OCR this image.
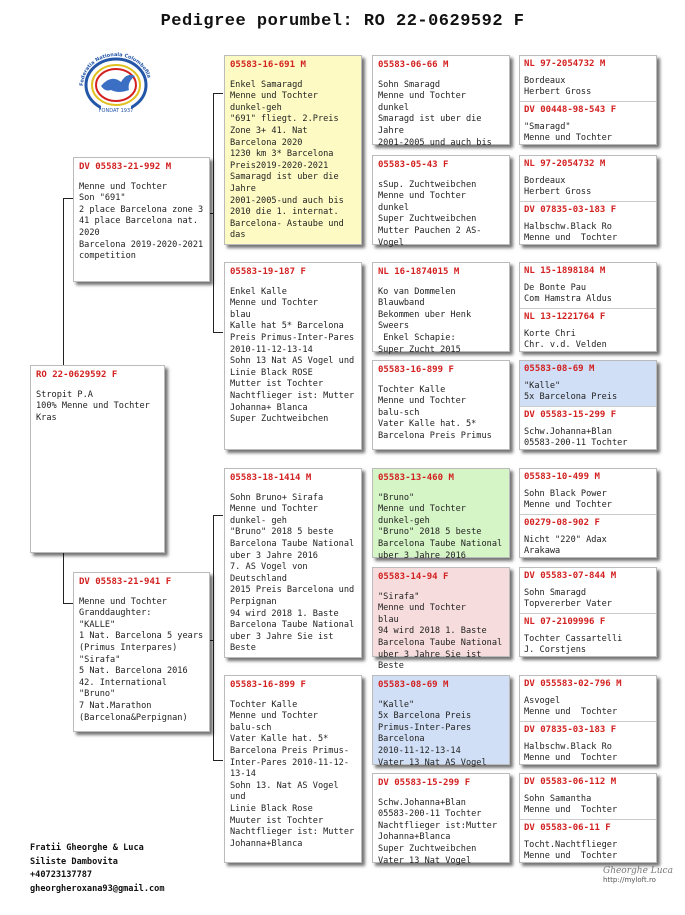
Pedigree porumbel: RO 22-0629592 F
Federatia Nationala Columbofila
FONDAT 1937
RO 22-0629592 F
Stropit P.A
100% Menne und Tochter
Kras
DV 05583-21-992 M
Menne und Tochter
Son "691"
2 place Barcelona zone 3 41 place Barcelona nat. 2020
Barcelona 2019-2020-2021 competition
DV 05583-21-941 F
Menne und Tochter
Granddaughter:
"KALLE"
1 Nat. Barcelona 5 years (Primus Interpares)
"Sirafa"
5 Nat. Barcelona 2016
42. International
"Bruno"
7 Nat.Marathon (Barcelona&Perpignan)
05583-16-691 M
Enkel Samaragd
Menne und Tochter
dunkel-geh
"691" fliegt. 2.Preis Zone 3+ 41. Nat Barcelona 2020
1230 km 3* Barcelona Preis2019-2020-2021
Samaragd ist uber die Jahre
2001-2005-und auch bis 2010 die 1. internat. Barcelona- Astaube und das
05583-19-187 F
Enkel Kalle
Menne und Tochter
blau
Kalle hat 5* Barcelona Preis Primus-Inter-Pares 2010-11-12-13-14
Sohn 13 Nat AS Vogel und Linie Black ROSE
Mutter ist Tochter Nachtflieger ist: Mutter Johanna+ Blanca
Super Zuchtweibchen
05583-18-1414 M
Sohn Bruno+ Sirafa
Menne und Tochter
dunkel- geh
"Bruno" 2018 5 beste Barcelona Taube National uber 3 Jahre 2016
7. AS Vogel von Deutschland
2015 Preis Barcelona und Perpignan
94 wird 2018 1. Baste Barcelona Taube National uber 3 Jahre Sie ist Beste
05583-16-899 F
Tochter Kalle
Menne und Tochter
balu-sch
Vater Kalle hat. 5* Barcelona Preis Primus-Inter-Pares 2010-11-12-13-14
Sohn 13. Nat AS Vogel und
Linie Black Rose
Muuter ist Tochter
Nachtflieger ist: Mutter Johanna+Blanca
05583-06-66 M
Sohn Smaragd
Menne und Tochter
dunkel
Smaragd ist uber die Jahre
2001-2005 und auch bis
05583-05-43 F
sSup. Zuchtweibchen
Menne und Tochter
dunkel
Super Zuchtweibchen
Mutter Pauchen 2 AS- Vogel
NL 16-1874015 M
Ko van Dommelen
Blauwband
Bekommen uber Henk Sweers
Enkel Schapie:
Super Zucht 2015
05583-16-899 F
Tochter Kalle
Menne und Tochter
balu-sch
Vater Kalle hat. 5* Barcelona Preis Primus
05583-13-460 M
"Bruno"
Menne und Tochter
dunkel-geh
"Bruno" 2018 5 beste Barcelona Taube National uber 3 Jahre 2016
05583-14-94 F
"Sirafa"
Menne und Tochter
blau
94 wird 2018 1. Baste Barcelona Taube National uber 3 Jahre Sie ist Beste
05583-08-69 M
"Kalle"
5x Barcelona Preis
Primus-Inter-Pares
Barcelona
2010-11-12-13-14
Vater 13 Nat AS Vogel
DV 05583-15-299 F
Schw.Johanna+Blan
05583-200-11 Tochter
Nachtflieger ist:Mutter
Johanna+Blanca
Super Zuchtweibchen
Vater 13 Nat Vogel
NL 97-2054732 M
Bordeaux
Herbert Gross
DV 00448-98-543 F
"Smaragd"
Menne und Tochter
NL 97-2054732 M
Bordeaux
Herbert Gross
DV 07835-03-183 F
Halbschw.Black Ro
Menne und  Tochter
NL 15-1898184 M
De Bonte Pau
Com Hamstra Aldus
NL 13-1221764 F
Korte Chri
Chr. v.d. Velden
05583-08-69 M
"Kalle"
5x Barcelona Preis
DV 05583-15-299 F
Schw.Johanna+Blan
05583-200-11 Tochter
05583-10-499 M
Sohn Black Power
Menne und Tochter
00279-08-902 F
Nicht "220" Adax
Arakawa
DV 05583-07-844 M
Sohn Smaragd
Topvererber Vater
NL 07-2109996 F
Tochter Cassartelli
J. Corstjens
DV 055583-02-796 M
Asvogel
Menne und  Tochter
DV 07835-03-183 F
Halbschw.Black Ro
Menne und  Tochter
DV 05583-06-112 M
Sohn Samantha
Menne und  Tochter
DV 05583-06-11 F
Tocht.Nachtflieger
Menne und  Tochter
Fratii Gheorghe & Luca
Siliste Dambovita
+40723137787
gheorgheroxana93@gmail.com
Gheorghe Luca
http://myloft.ro
